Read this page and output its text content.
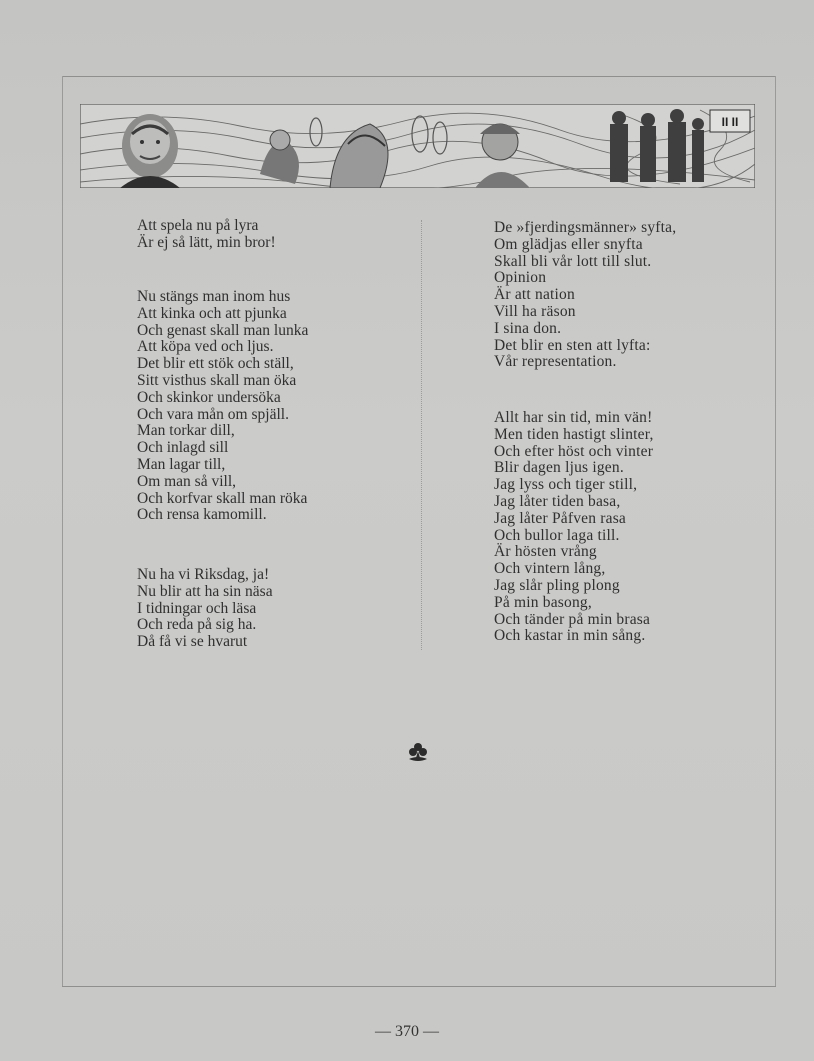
II II
Att spela nu på lyra
Är ej så lätt, min bror!
Nu stängs man inom hus
Att kinka och att pjunka
Och genast skall man lunka
Att köpa ved och ljus.
Det blir ett stök och ställ,
Sitt visthus skall man öka
Och skinkor undersöka
Och vara mån om spjäll.
Man torkar dill,
Och inlagd sill
Man lagar till,
Om man så vill,
Och korfvar skall man röka
Och rensa kamomill.
Nu ha vi Riksdag, ja!
Nu blir att ha sin näsa
I tidningar och läsa
Och reda på sig ha.
Då få vi se hvarut
De »fjerdingsmänner» syfta,
Om glädjas eller snyfta
Skall bli vår lott till slut.
Opinion
Är att nation
Vill ha räson
I sina don.
Det blir en sten att lyfta:
Vår representation.
Allt har sin tid, min vän!
Men tiden hastigt slinter,
Och efter höst och vinter
Blir dagen ljus igen.
Jag lyss och tiger still,
Jag låter tiden basa,
Jag låter Påfven rasa
Och bullor laga till.
Är hösten vrång
Och vintern lång,
Jag slår pling plong
På min basong,
Och tänder på min brasa
Och kastar in min sång.
— 370 —
